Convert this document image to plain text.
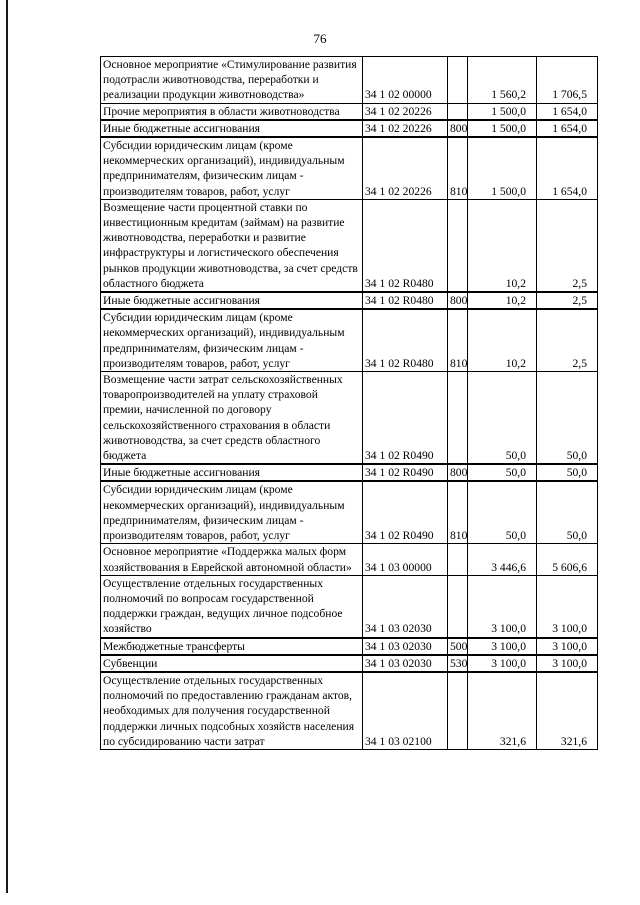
76
Основное мероприятие «Стимулирование развития подотрасли животноводства, переработки и реализации продукции животноводства»	34 1 02 00000		1 560,2	1 706,5
Прочие мероприятия в области животноводства	34 1 02 20226		1 500,0	1 654,0
Иные бюджетные ассигнования	34 1 02 20226	800	1 500,0	1 654,0
Субсидии юридическим лицам (кроме некоммерческих организаций), индивидуальным предпринимателям, физическим лицам - производителям товаров, работ, услуг	34 1 02 20226	810	1 500,0	1 654,0
Возмещение части процентной ставки по инвестиционным кредитам (займам) на развитие животноводства, переработки и развитие инфраструктуры и логистического обеспечения рынков продукции животноводства, за счет средств областного бюджета	34 1 02 R0480		10,2	2,5
Иные бюджетные ассигнования	34 1 02 R0480	800	10,2	2,5
Субсидии юридическим лицам (кроме некоммерческих организаций), индивидуальным предпринимателям, физическим лицам - производителям товаров, работ, услуг	34 1 02 R0480	810	10,2	2,5
Возмещение части затрат сельскохозяйственных товаропроизводителей на уплату страховой премии, начисленной по договору сельскохозяйственного страхования в области животноводства, за счет средств областного бюджета	34 1 02 R0490		50,0	50,0
Иные бюджетные ассигнования	34 1 02 R0490	800	50,0	50,0
Субсидии юридическим лицам (кроме некоммерческих организаций), индивидуальным предпринимателям, физическим лицам - производителям товаров, работ, услуг	34 1 02 R0490	810	50,0	50,0
Основное мероприятие «Поддержка малых форм хозяйствования в Еврейской автономной области»	34 1 03 00000		3 446,6	5 606,6
Осуществление отдельных государственных полномочий по вопросам государственной поддержки граждан, ведущих личное подсобное хозяйство	34 1 03 02030		3 100,0	3 100,0
Межбюджетные трансферты	34 1 03 02030	500	3 100,0	3 100,0
Субвенции	34 1 03 02030	530	3 100,0	3 100,0
Осуществление отдельных государственных полномочий по предоставлению гражданам актов, необходимых для получения государственной поддержки личных подсобных хозяйств населения по субсидированию части затрат	34 1 03 02100		321,6	321,6
